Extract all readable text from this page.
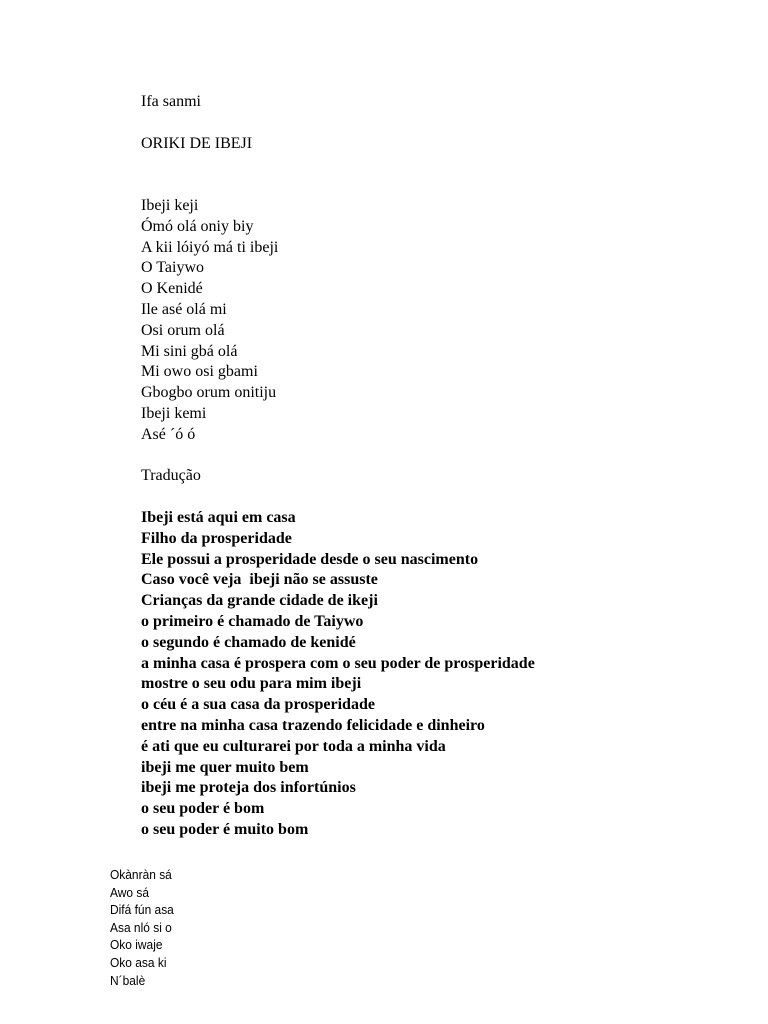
Ifa sanmi
ORIKI DE IBEJI
Ibeji keji
Ómó olá oniy biy
A kii lóiyó má ti ibeji
O Taiywo
O Kenidé
Ile asé olá mi
Osi orum olá
Mi sini gbá olá
Mi owo osi gbami
Gbogbo orum onitiju
Ibeji kemi
Asé ´ó ó
Tradução
Ibeji está aqui em casa
Filho da prosperidade
Ele possui a prosperidade desde o seu nascimento
Caso você veja  ibeji não se assuste
Crianças da grande cidade de ikeji
o primeiro é chamado de Taiywo
o segundo é chamado de kenidé
a minha casa é prospera com o seu poder de prosperidade
mostre o seu odu para mim ibeji
o céu é a sua casa da prosperidade
entre na minha casa trazendo felicidade e dinheiro
é ati que eu culturarei por toda a minha vida
ibeji me quer muito bem
ibeji me proteja dos infortúnios
o seu poder é bom
o seu poder é muito bom
Okànràn sá
Awo sá
Difá fún asa
Asa nló si o
Oko iwaje
Oko asa ki
N´balè
